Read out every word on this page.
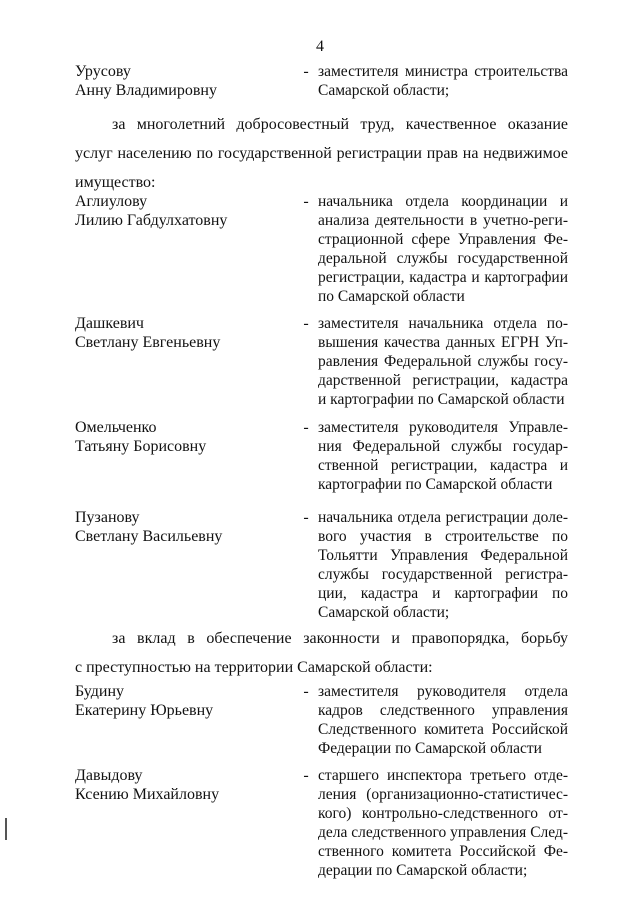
4
Урусову
Анну Владимировну
- заместителя министра строительства
Самарской области;
за многолетний добросовестный труд, качественное оказание
услуг населению по государственной регистрации прав на недвижимое
имущество:
Аглиулову
Лилию Габдулхатовну
- начальника отдела координации и
анализа деятельности в учетно-реги-
страционной сфере Управления Фе-
деральной службы государственной
регистрации, кадастра и картографии
по Самарской области
Дашкевич
Светлану Евгеньевну
- заместителя начальника отдела по-
вышения качества данных ЕГРН Уп-
равления Федеральной службы госу-
дарственной регистрации, кадастра
и картографии по Самарской области
Омельченко
Татьяну Борисовну
- заместителя руководителя Управле-
ния Федеральной службы государ-
ственной регистрации, кадастра и
картографии по Самарской области
Пузанову
Светлану Васильевну
- начальника отдела регистрации доле-
вого участия в строительстве по
Тольятти Управления Федеральной
службы государственной регистра-
ции, кадастра и картографии по
Самарской области;
за вклад в обеспечение законности и правопорядка, борьбу
с преступностью на территории Самарской области:
Будину
Екатерину Юрьевну
- заместителя руководителя отдела
кадров следственного управления
Следственного комитета Российской
Федерации по Самарской области
Давыдову
Ксению Михайловну
- старшего инспектора третьего отде-
ления (организационно-статистичес-
кого) контрольно-следственного от-
дела следственного управления След-
ственного комитета Российской Фе-
дерации по Самарской области;
